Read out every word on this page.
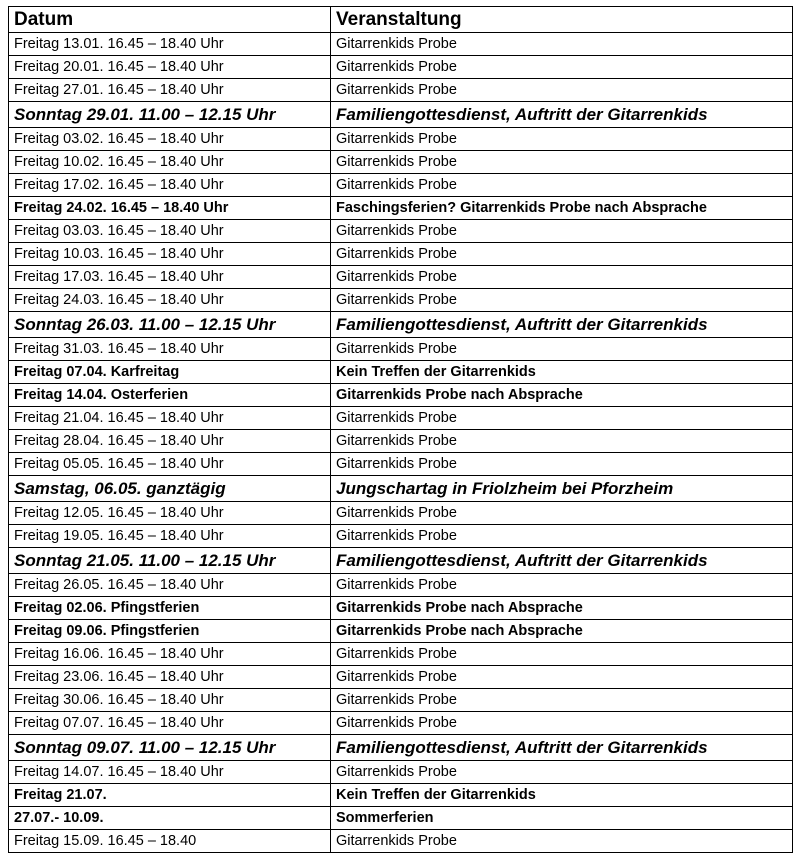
Datum	Veranstaltung
Freitag 13.01. 16.45 – 18.40 Uhr	Gitarrenkids Probe
Freitag 20.01. 16.45 – 18.40 Uhr	Gitarrenkids Probe
Freitag 27.01. 16.45 – 18.40 Uhr	Gitarrenkids Probe
Sonntag 29.01. 11.00 – 12.15 Uhr	Familiengottesdienst, Auftritt der Gitarrenkids
Freitag 03.02. 16.45 – 18.40 Uhr	Gitarrenkids Probe
Freitag 10.02. 16.45 – 18.40 Uhr	Gitarrenkids Probe
Freitag 17.02. 16.45 – 18.40 Uhr	Gitarrenkids Probe
Freitag 24.02. 16.45 – 18.40 Uhr	Faschingsferien? Gitarrenkids Probe nach Absprache
Freitag 03.03. 16.45 – 18.40 Uhr	Gitarrenkids Probe
Freitag 10.03. 16.45 – 18.40 Uhr	Gitarrenkids Probe
Freitag 17.03. 16.45 – 18.40 Uhr	Gitarrenkids Probe
Freitag 24.03. 16.45 – 18.40 Uhr	Gitarrenkids Probe
Sonntag 26.03. 11.00 – 12.15 Uhr	Familiengottesdienst, Auftritt der Gitarrenkids
Freitag 31.03. 16.45 – 18.40 Uhr	Gitarrenkids Probe
Freitag 07.04. Karfreitag	Kein Treffen der Gitarrenkids
Freitag 14.04. Osterferien	Gitarrenkids Probe nach Absprache
Freitag 21.04. 16.45 – 18.40 Uhr	Gitarrenkids Probe
Freitag 28.04. 16.45 – 18.40 Uhr	Gitarrenkids Probe
Freitag 05.05. 16.45 – 18.40 Uhr	Gitarrenkids Probe
Samstag, 06.05. ganztägig	Jungschartag in Friolzheim bei Pforzheim
Freitag 12.05. 16.45 – 18.40 Uhr	Gitarrenkids Probe
Freitag 19.05. 16.45 – 18.40 Uhr	Gitarrenkids Probe
Sonntag 21.05. 11.00 – 12.15 Uhr	Familiengottesdienst, Auftritt der Gitarrenkids
Freitag 26.05. 16.45 – 18.40 Uhr	Gitarrenkids Probe
Freitag 02.06. Pfingstferien	Gitarrenkids Probe nach Absprache
Freitag 09.06. Pfingstferien	Gitarrenkids Probe nach Absprache
Freitag 16.06. 16.45 – 18.40 Uhr	Gitarrenkids Probe
Freitag 23.06. 16.45 – 18.40 Uhr	Gitarrenkids Probe
Freitag 30.06. 16.45 – 18.40 Uhr	Gitarrenkids Probe
Freitag 07.07. 16.45 – 18.40 Uhr	Gitarrenkids Probe
Sonntag 09.07. 11.00 – 12.15 Uhr	Familiengottesdienst, Auftritt der Gitarrenkids
Freitag 14.07. 16.45 – 18.40 Uhr	Gitarrenkids Probe
Freitag 21.07.	Kein Treffen der Gitarrenkids
27.07.- 10.09.	Sommerferien
Freitag 15.09. 16.45 – 18.40	Gitarrenkids Probe
